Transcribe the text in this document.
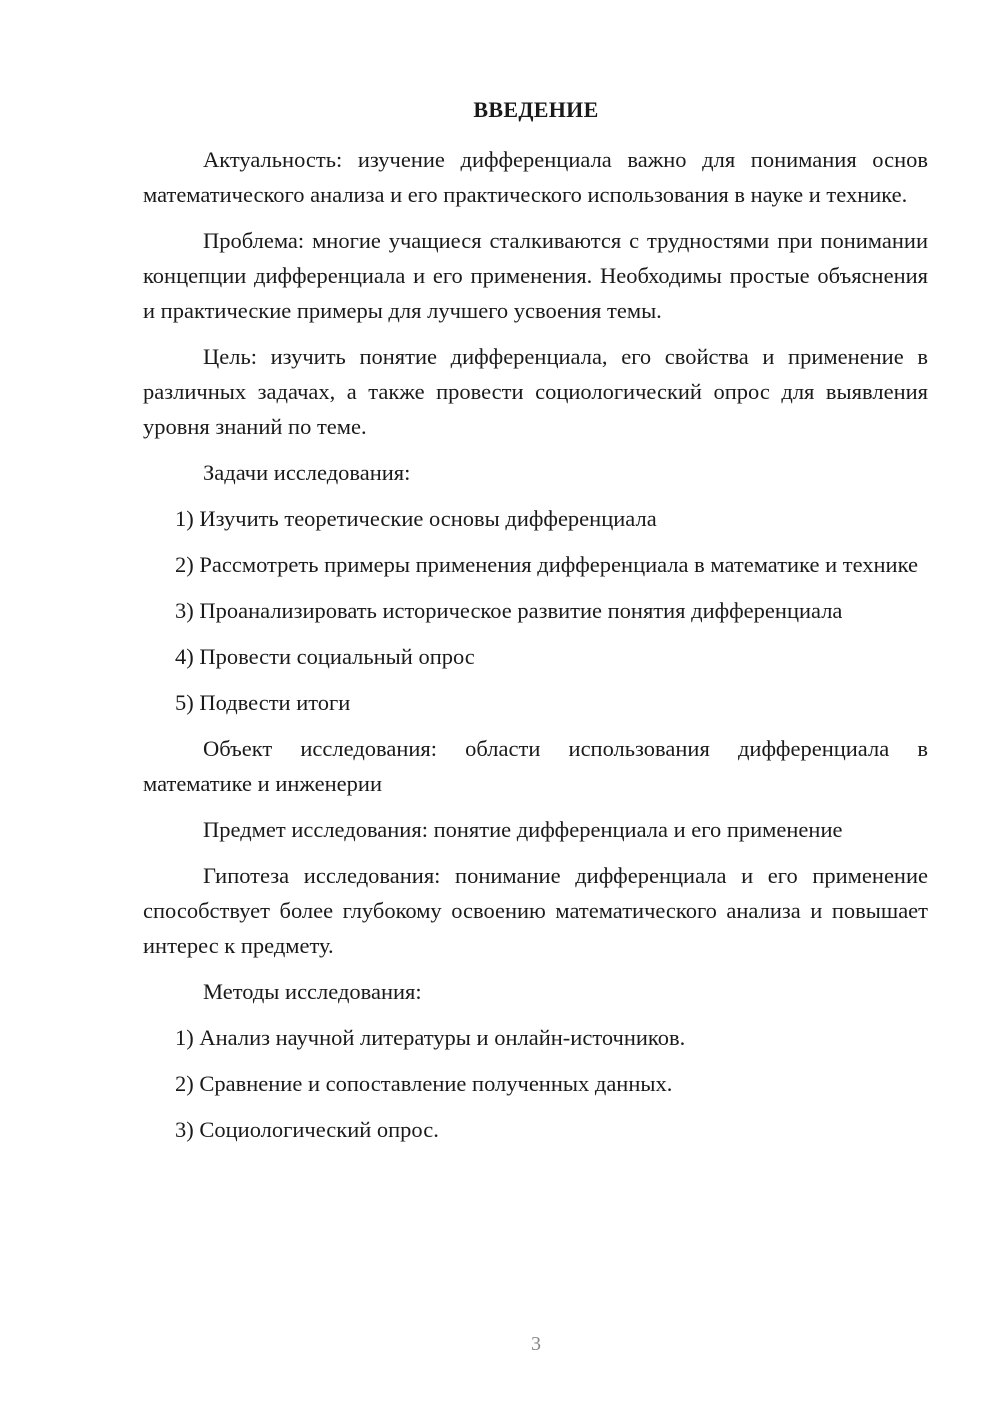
ВВЕДЕНИЕ

Актуальность: изучение дифференциала важно для понимания основ математического анализа и его практического использования в науке и технике.

Проблема: многие учащиеся сталкиваются с трудностями при понимании концепции дифференциала и его применения. Необходимы простые объяснения и практические примеры для лучшего усвоения темы.

Цель: изучить понятие дифференциала, его свойства и применение в различных задачах, а также провести социологический опрос для выявления уровня знаний по теме.

Задачи исследования:

1) Изучить теоретические основы дифференциала

2) Рассмотреть примеры применения дифференциала в математике и технике

3) Проанализировать историческое развитие понятия дифференциала

4) Провести социальный опрос

5) Подвести итоги

Объект исследования: области использования дифференциала в математике и инженерии

Предмет исследования: понятие дифференциала и его применение

Гипотеза исследования: понимание дифференциала и его применение способствует более глубокому освоению математического анализа и повышает интерес к предмету.

Методы исследования:

1) Анализ научной литературы и онлайн-источников.

2) Сравнение и сопоставление полученных данных.

3) Социологический опрос.

3
